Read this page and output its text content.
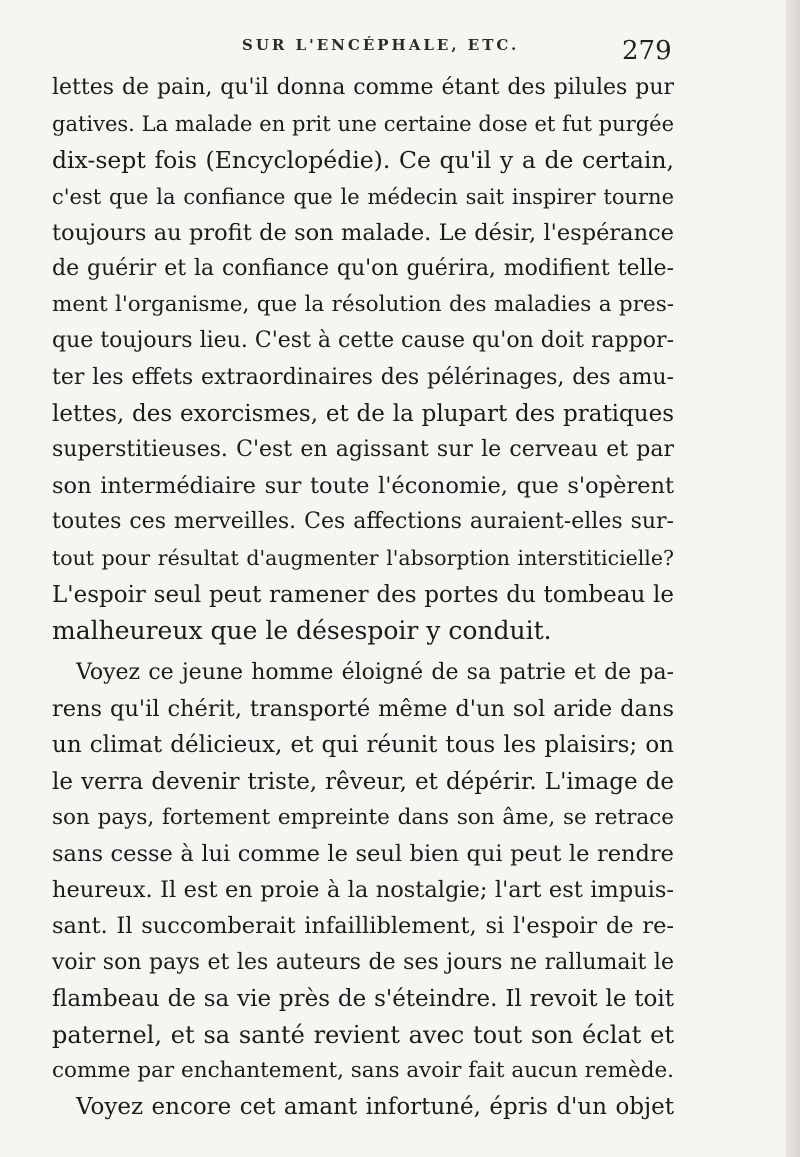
SUR L'ENCÉPHALE, ETC.	279
lettes de pain, qu'il donna comme étant des pilules pur
gatives. La malade en prit une certaine dose et fut purgée
dix-sept fois (Encyclopédie). Ce qu'il y a de certain,
c'est que la confiance que le médecin sait inspirer tourne
toujours au profit de son malade. Le désir, l'espérance
de guérir et la confiance qu'on guérira, modifient telle-
ment l'organisme, que la résolution des maladies a pres-
que toujours lieu. C'est à cette cause qu'on doit rappor-
ter les effets extraordinaires des pélérinages, des amu-
lettes, des exorcismes, et de la plupart des pratiques
superstitieuses. C'est en agissant sur le cerveau et par
son intermédiaire sur toute l'économie, que s'opèrent
toutes ces merveilles. Ces affections auraient-elles sur-
tout pour résultat d'augmenter l'absorption interstiticielle?
L'espoir seul peut ramener des portes du tombeau le
malheureux que le désespoir y conduit.
Voyez ce jeune homme éloigné de sa patrie et de pa-
rens qu'il chérit, transporté même d'un sol aride dans
un climat délicieux, et qui réunit tous les plaisirs; on
le verra devenir triste, rêveur, et dépérir. L'image de
son pays, fortement empreinte dans son âme, se retrace
sans cesse à lui comme le seul bien qui peut le rendre
heureux. Il est en proie à la nostalgie; l'art est impuis-
sant. Il succomberait infailliblement, si l'espoir de re-
voir son pays et les auteurs de ses jours ne rallumait le
flambeau de sa vie près de s'éteindre. Il revoit le toit
paternel, et sa santé revient avec tout son éclat et
comme par enchantement, sans avoir fait aucun remède.
Voyez encore cet amant infortuné, épris d'un objet
